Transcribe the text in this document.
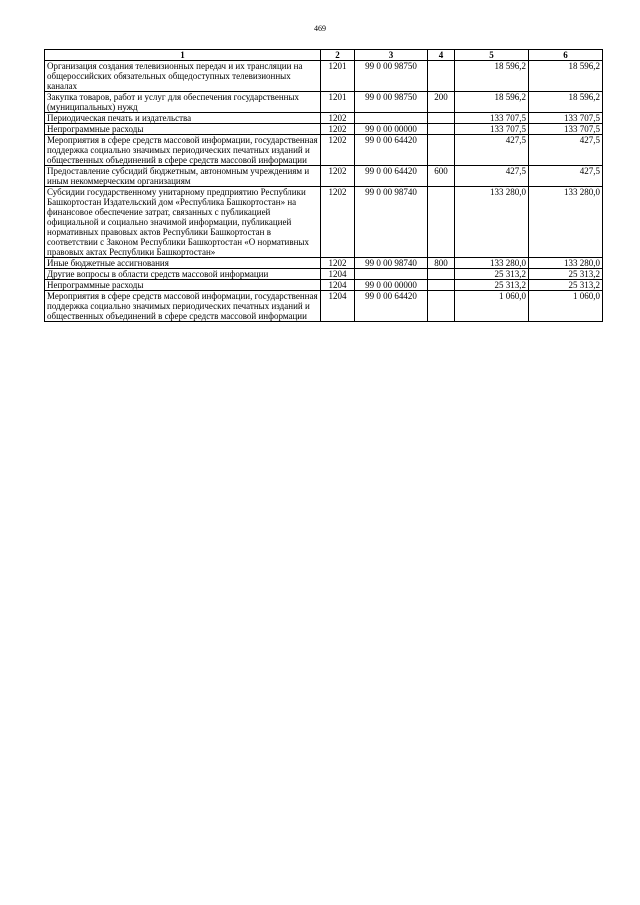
469
1	2	3	4	5	6
Организация создания телевизионных передач и их трансляции на общероссийских обязательных общедоступных телевизионных каналах	1201	99 0 00 98750		18 596,2	18 596,2
Закупка товаров, работ и услуг для обеспечения государственных (муниципальных) нужд	1201	99 0 00 98750	200	18 596,2	18 596,2
Периодическая печать и издательства	1202			133 707,5	133 707,5
Непрограммные расходы	1202	99 0 00 00000		133 707,5	133 707,5
Мероприятия в сфере средств массовой информации, государственная поддержка социально значимых периодических печатных изданий и общественных объединений в сфере средств массовой информации	1202	99 0 00 64420		427,5	427,5
Предоставление субсидий бюджетным, автономным учреждениям и иным некоммерческим организациям	1202	99 0 00 64420	600	427,5	427,5
Субсидии государственному унитарному предприятию Республики Башкортостан Издательский дом «Республика Башкортостан» на финансовое обеспечение затрат, связанных с публикацией официальной и социально значимой информации, публикацией нормативных правовых актов Республики Башкортостан в соответствии с Законом Республики Башкортостан «О нормативных правовых актах Республики Башкортостан»	1202	99 0 00 98740		133 280,0	133 280,0
Иные бюджетные ассигнования	1202	99 0 00 98740	800	133 280,0	133 280,0
Другие вопросы в области средств массовой информации	1204			25 313,2	25 313,2
Непрограммные расходы	1204	99 0 00 00000		25 313,2	25 313,2
Мероприятия в сфере средств массовой информации, государственная поддержка социально значимых периодических печатных изданий и общественных объединений в сфере средств массовой информации	1204	99 0 00 64420		1 060,0	1 060,0
